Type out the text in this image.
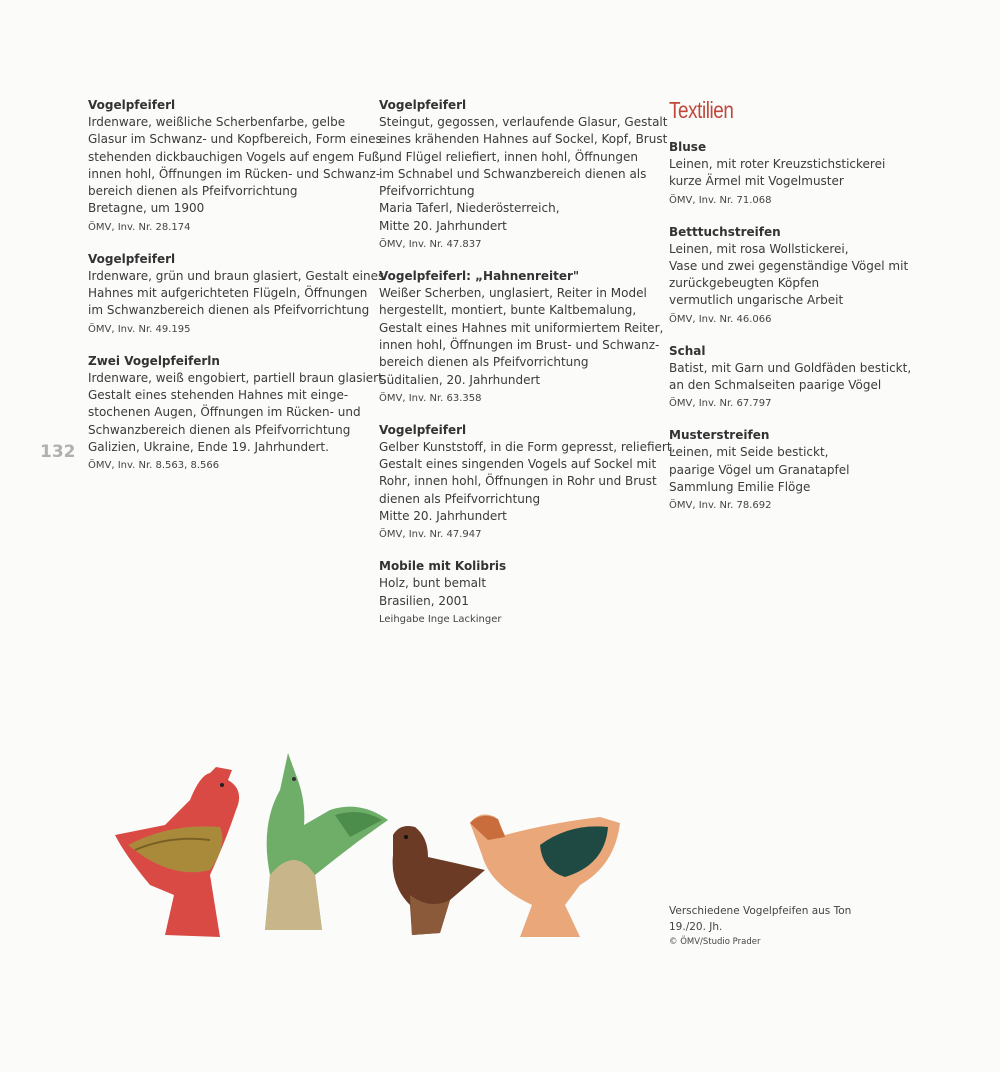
132
Vogelpfeiferl
Irdenware, weißliche Scherbenfarbe, gelbe
Glasur im Schwanz- und Kopfbereich, Form eines
stehenden dickbauchigen Vogels auf engem Fuß,
innen hohl, Öffnungen im Rücken- und Schwanz-
bereich dienen als Pfeifvorrichtung
Bretagne, um 1900
ÖMV, Inv. Nr. 28.174
Vogelpfeiferl
Irdenware, grün und braun glasiert, Gestalt eines
Hahnes mit aufgerichteten Flügeln, Öffnungen
im Schwanzbereich dienen als Pfeifvorrichtung
ÖMV, Inv. Nr. 49.195
Zwei Vogelpfeiferln
Irdenware, weiß engobiert, partiell braun glasiert,
Gestalt eines stehenden Hahnes mit einge-
stochenen Augen, Öffnungen im Rücken- und
Schwanzbereich dienen als Pfeifvorrichtung
Galizien, Ukraine, Ende 19. Jahrhundert.
ÖMV, Inv. Nr. 8.563, 8.566
Vogelpfeiferl
Steingut, gegossen, verlaufende Glasur, Gestalt
eines krähenden Hahnes auf Sockel, Kopf, Brust
und Flügel reliefiert, innen hohl, Öffnungen
im Schnabel und Schwanzbereich dienen als
Pfeifvorrichtung
Maria Taferl, Niederösterreich,
Mitte 20. Jahrhundert
ÖMV, Inv. Nr. 47.837
Vogelpfeiferl: „Hahnenreiter"
Weißer Scherben, unglasiert, Reiter in Model
hergestellt, montiert, bunte Kaltbemalung,
Gestalt eines Hahnes mit uniformiertem Reiter,
innen hohl, Öffnungen im Brust- und Schwanz-
bereich dienen als Pfeifvorrichtung
Süditalien, 20. Jahrhundert
ÖMV, Inv. Nr. 63.358
Vogelpfeiferl
Gelber Kunststoff, in die Form gepresst, reliefiert,
Gestalt eines singenden Vogels auf Sockel mit
Rohr, innen hohl, Öffnungen in Rohr und Brust
dienen als Pfeifvorrichtung
Mitte 20. Jahrhundert
ÖMV, Inv. Nr. 47.947
Mobile mit Kolibris
Holz, bunt bemalt
Brasilien, 2001
Leihgabe Inge Lackinger
Textilien
Bluse
Leinen, mit roter Kreuzstichstickerei
kurze Ärmel mit Vogelmuster
ÖMV, Inv. Nr. 71.068
Betttuchstreifen
Leinen, mit rosa Wollstickerei,
Vase und zwei gegenständige Vögel mit
zurückgebeugten Köpfen
vermutlich ungarische Arbeit
ÖMV, Inv. Nr. 46.066
Schal
Batist, mit Garn und Goldfäden bestickt,
an den Schmalseiten paarige Vögel
ÖMV, Inv. Nr. 67.797
Musterstreifen
Leinen, mit Seide bestickt,
paarige Vögel um Granatapfel
Sammlung Emilie Flöge
ÖMV, Inv. Nr. 78.692
Verschiedene Vogelpfeifen aus Ton
19./20. Jh.
© ÖMV/Studio Prader
